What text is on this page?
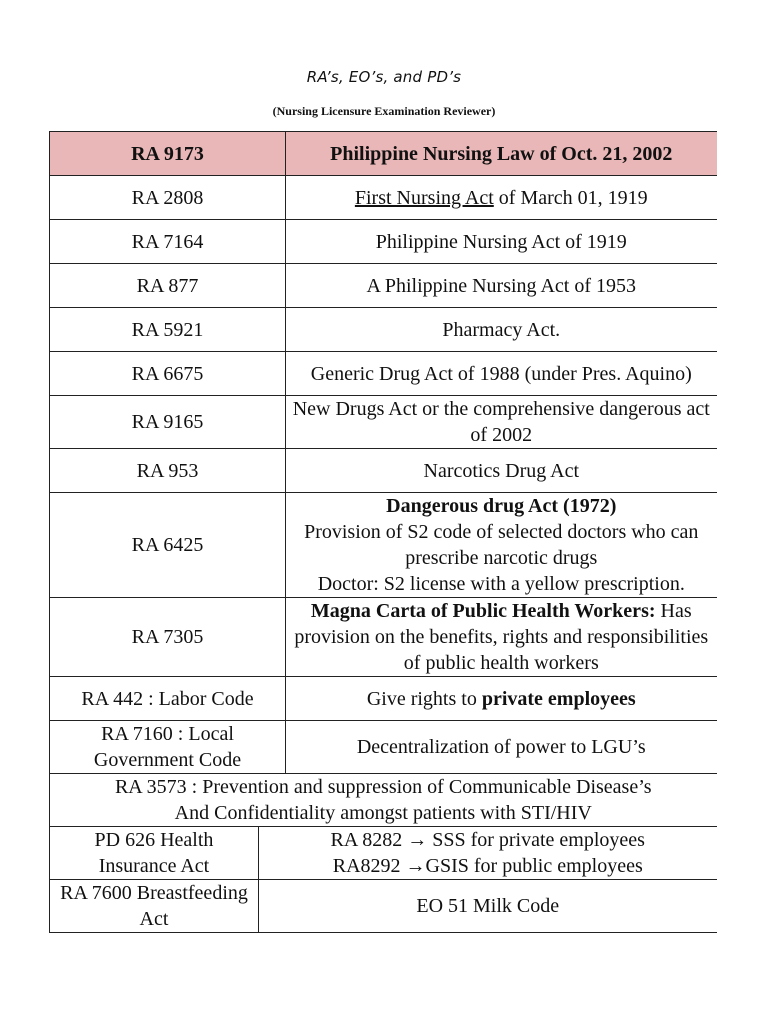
RA’s, EO’s, and PD’s
(Nursing Licensure Examination Reviewer)
RA 9173		Philippine Nursing Law of Oct. 21, 2002
RA 2808		First Nursing Act of March 01, 1919
RA 7164		Philippine Nursing Act of 1919
RA 877		A Philippine Nursing Act of 1953
RA 5921		Pharmacy Act.
RA 6675		Generic Drug Act of 1988 (under Pres. Aquino)
RA 9165		New Drugs Act or the comprehensive dangerous act of 2002
RA 953		Narcotics Drug Act
RA 6425		Dangerous drug Act (1972)
Provision of S2 code of selected doctors who can prescribe narcotic drugs
Doctor: S2 license with a yellow prescription.

RA 7305		Magna Carta of Public Health Workers: Has provision on the benefits, rights and responsibilities of public health workers
RA 442 : Labor Code		Give rights to private employees
RA 7160 : Local Government Code		Decentralization of power to LGU’s

RA 3573 : Prevention and suppression of Communicable Disease’s
And Confidentiality amongst patients with STI/HIV		

PD 626 Health Insurance Act	RA 8282 → SSS for private employees
RA8292 →GSIS for public employees	

RA 7600 Breastfeeding Act	EO 51 Milk Code	
